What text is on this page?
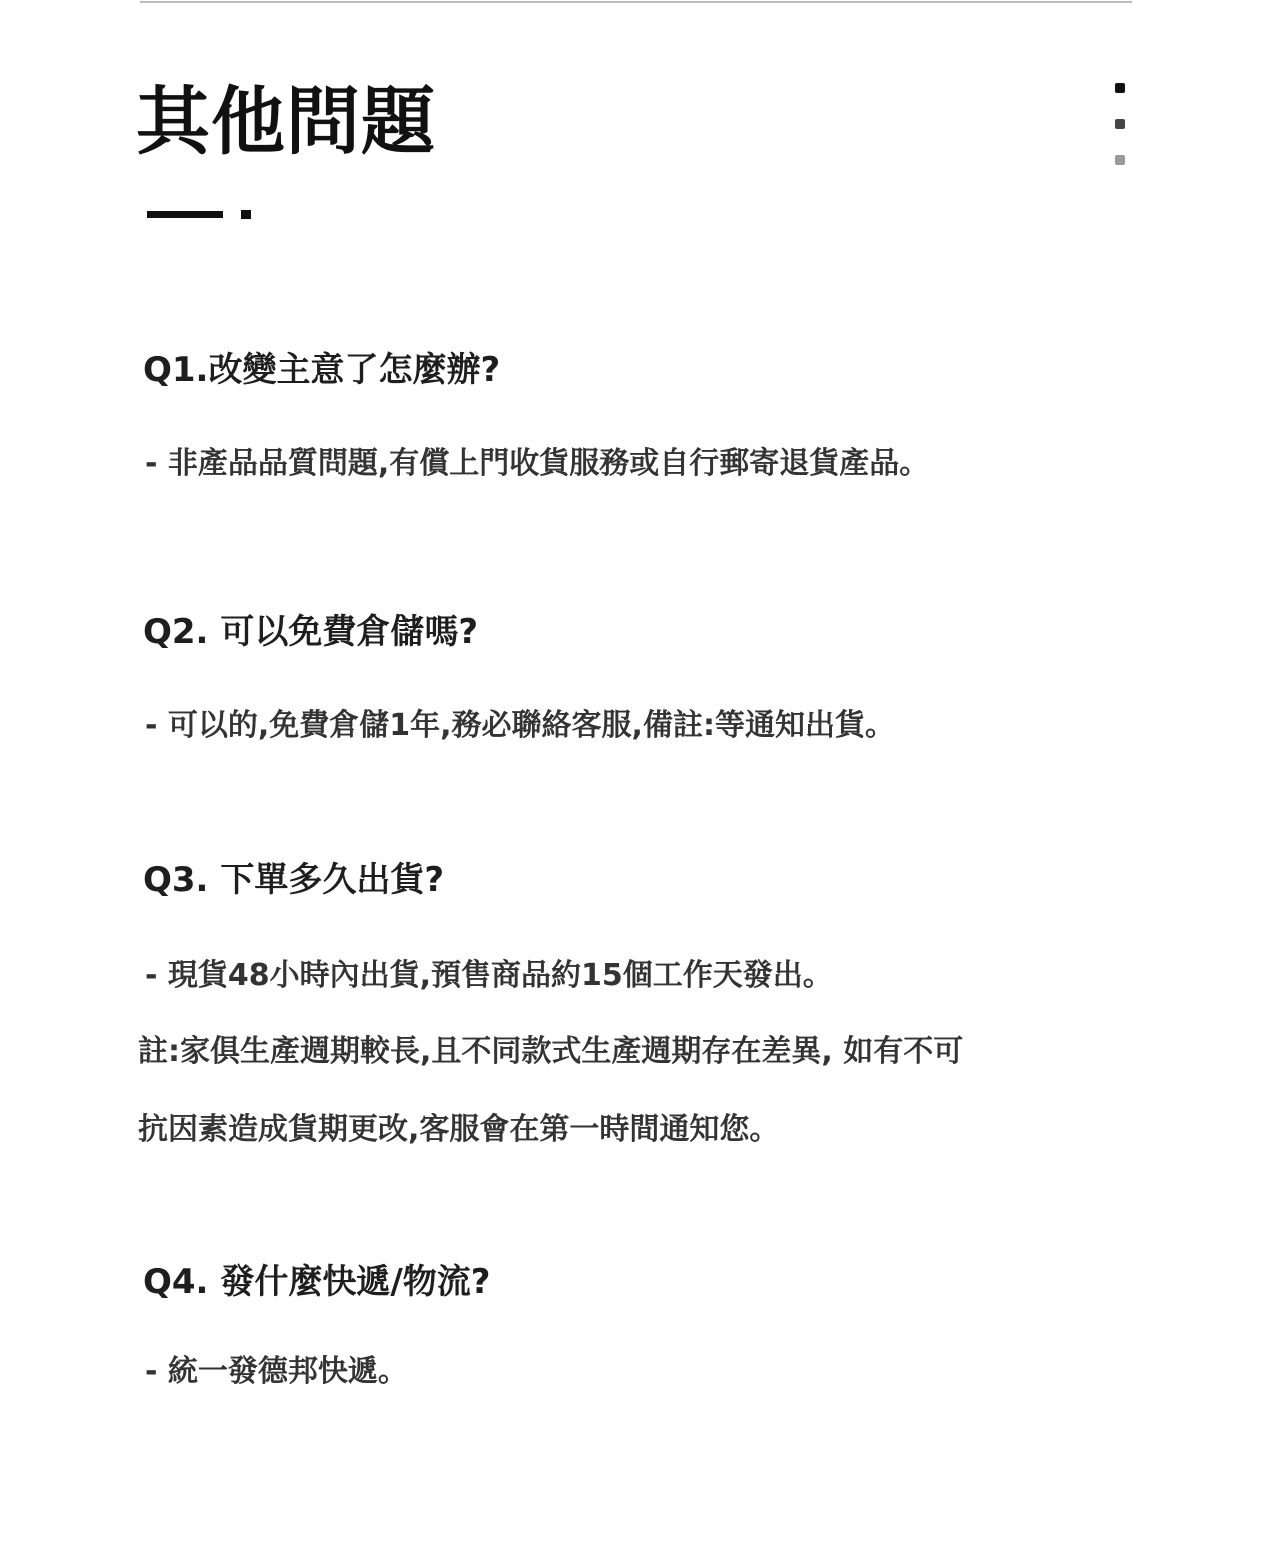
其他問題
Q1.改變主意了怎麼辦?
- 非產品品質問題,有償上門收貨服務或自行郵寄退貨產品。
Q2. 可以免費倉儲嗎?
- 可以的,免費倉儲1年,務必聯絡客服,備註:等通知出貨。
Q3. 下單多久出貨?
- 現貨48小時內出貨,預售商品約15個工作天發出。
註:家俱生產週期較長,且不同款式生產週期存在差異, 如有不可
抗因素造成貨期更改,客服會在第一時間通知您。
Q4. 發什麼快遞/物流?
- 統一發德邦快遞。
